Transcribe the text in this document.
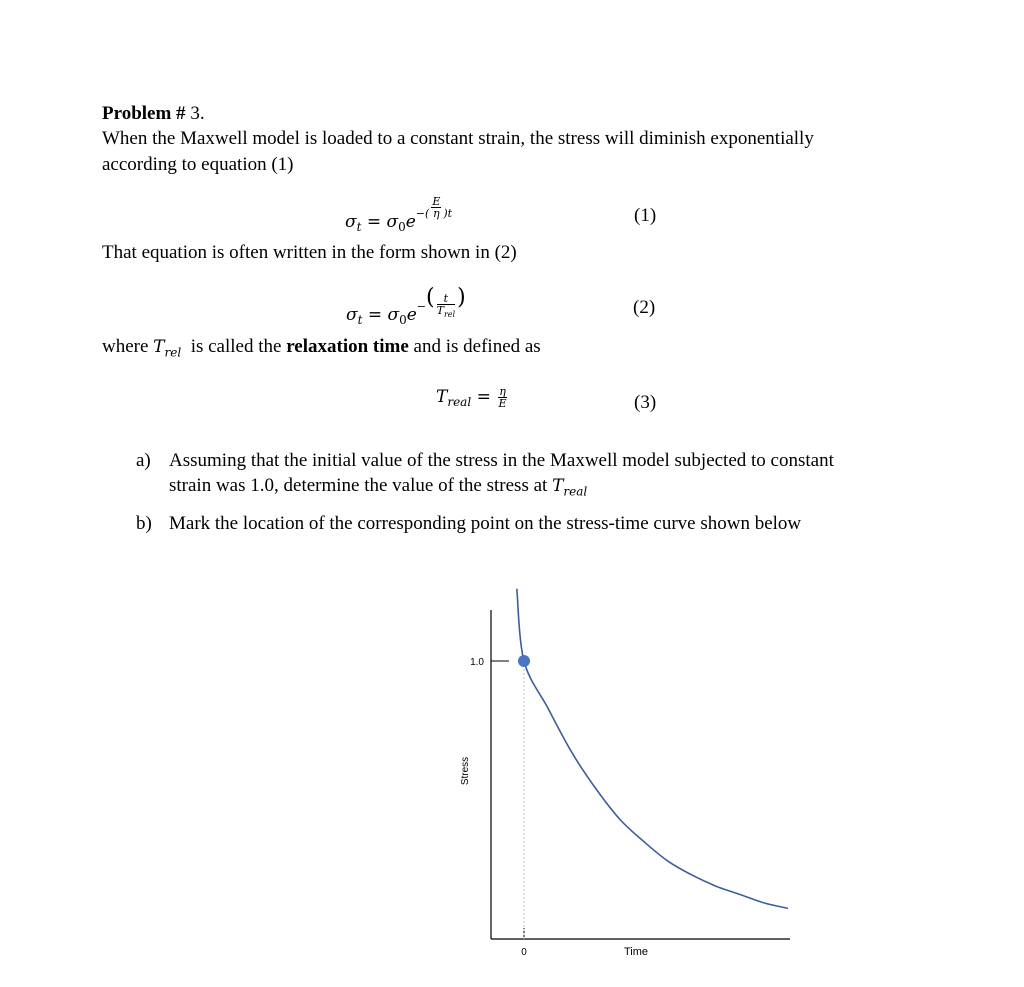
Problem # 3.
When the Maxwell model is loaded to a constant strain, the stress will diminish exponentially
according to equation (1)
$\sigma_t = \sigma_0e^{-( \frac{E}{\eta} )t}$	(1)
That equation is often written in the form shown in (2)
$\sigma_t = \sigma_0e^{-( \frac{t}{T_{rel}} )}$	(2)
where $T_{rel}$ is called the relaxation time and is defined as
$T_{real} = \frac{\eta}{E}$	(3)
a) Assuming that the initial value of the stress in the Maxwell model subjected to constant
strain was 1.0, determine the value of the stress at $T_{real}$
b) Mark the location of the corresponding point on the stress-time curve shown below
1.0
0	Time
Stress
